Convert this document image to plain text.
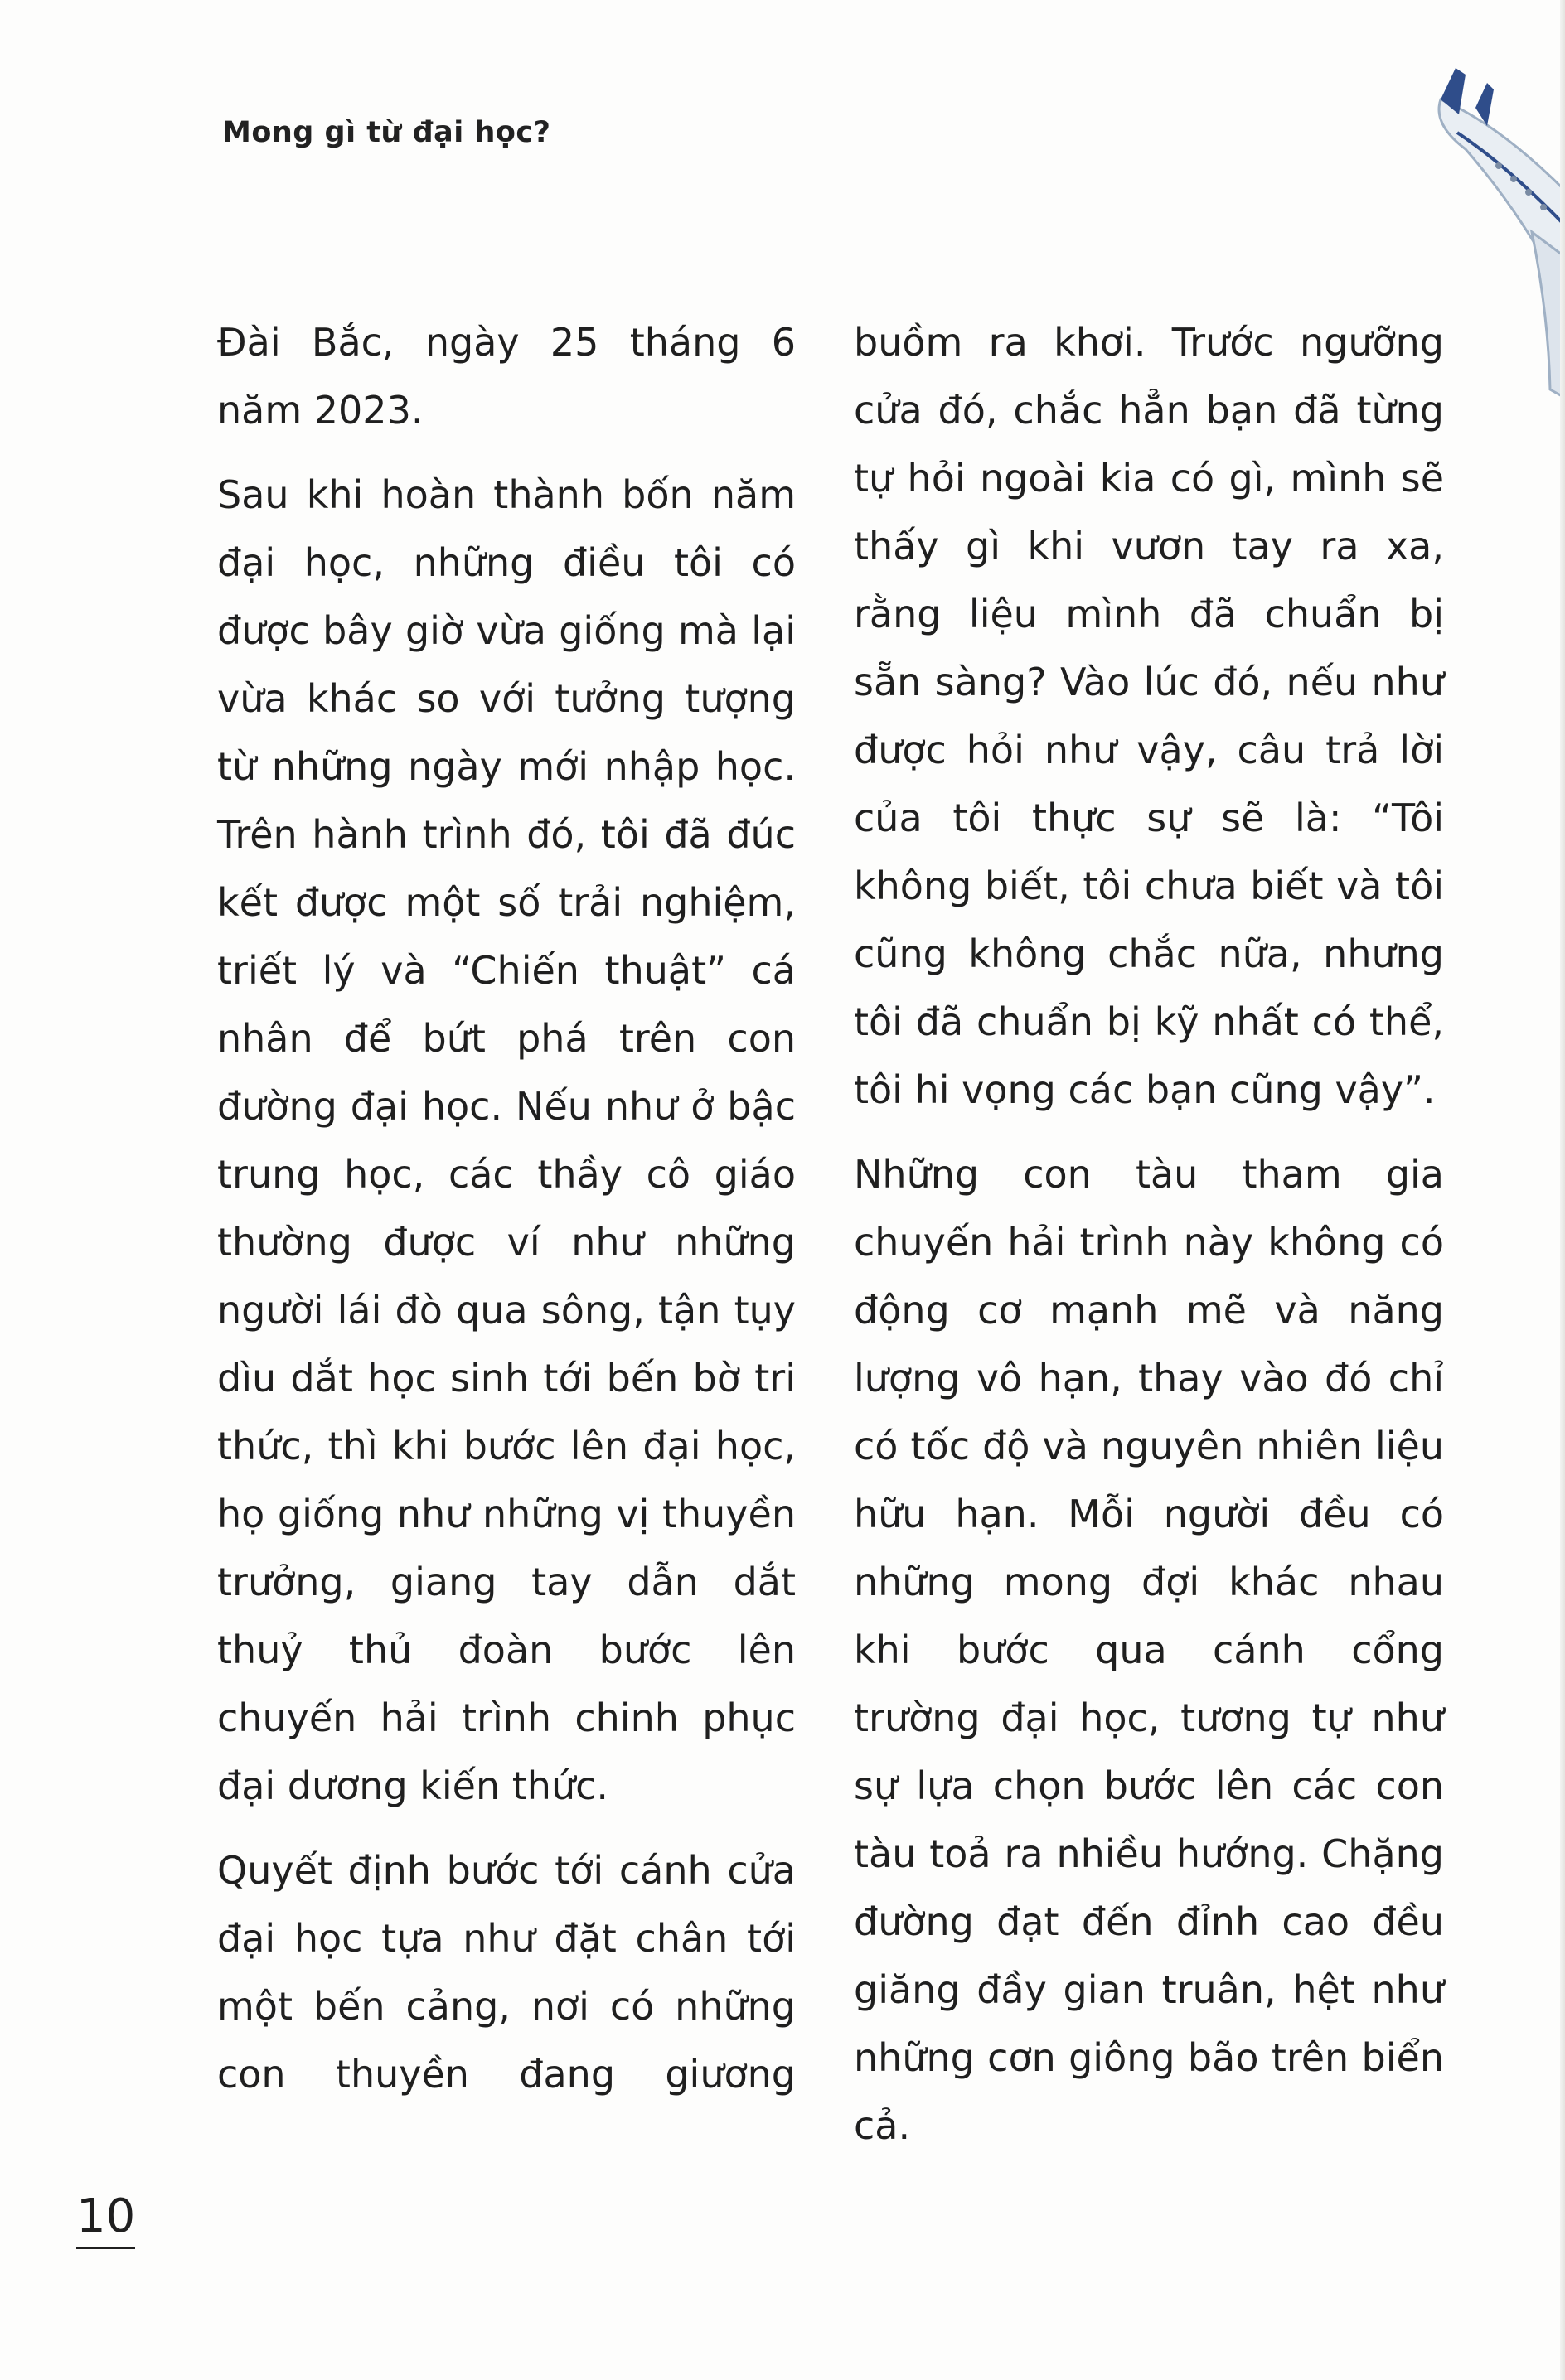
Mong gì từ đại học?

Đài Bắc, ngày 25 tháng 6 năm 2023.

Sau khi hoàn thành bốn năm đại học, những điều tôi có được bây giờ vừa giống mà lại vừa khác so với tưởng tượng từ những ngày mới nhập học. Trên hành trình đó, tôi đã đúc kết được một số trải nghiệm, triết lý và “Chiến thuật” cá nhân để bứt phá trên con đường đại học. Nếu như ở bậc trung học, các thầy cô giáo thường được ví như những người lái đò qua sông, tận tụy dìu dắt học sinh tới bến bờ tri thức, thì khi bước lên đại học, họ giống như những vị thuyền trưởng, giang tay dẫn dắt thuỷ thủ đoàn bước lên chuyến hải trình chinh phục đại dương kiến thức.

Quyết định bước tới cánh cửa đại học tựa như đặt chân tới một bến cảng, nơi có những con thuyền đang giương

buồm ra khơi. Trước ngưỡng cửa đó, chắc hẳn bạn đã từng tự hỏi ngoài kia có gì, mình sẽ thấy gì khi vươn tay ra xa, rằng liệu mình đã chuẩn bị sẵn sàng? Vào lúc đó, nếu như được hỏi như vậy, câu trả lời của tôi thực sự sẽ là: “Tôi không biết, tôi chưa biết và tôi cũng không chắc nữa, nhưng tôi đã chuẩn bị kỹ nhất có thể, tôi hi vọng các bạn cũng vậy”.

Những con tàu tham gia chuyến hải trình này không có động cơ mạnh mẽ và năng lượng vô hạn, thay vào đó chỉ có tốc độ và nguyên nhiên liệu hữu hạn. Mỗi người đều có những mong đợi khác nhau khi bước qua cánh cổng trường đại học, tương tự như sự lựa chọn bước lên các con tàu toả ra nhiều hướng. Chặng đường đạt đến đỉnh cao đều giăng đầy gian truân, hệt như những cơn giông bão trên biển cả.

10
